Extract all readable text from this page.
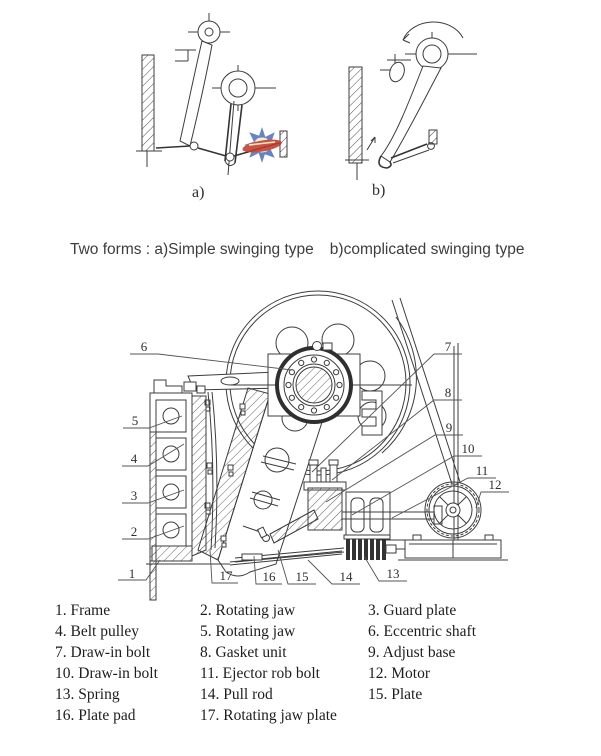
a)	b)
Two forms : a)Simple swinging type b)complicated swinging type
1
2
3
4
5
6	7
8
9
10
11
12
13
14
15
16
17
1. Frame	2. Rotating jaw	3. Guard plate
4. Belt pulley	5. Rotating jaw	6. Eccentric shaft
7. Draw-in bolt	8. Gasket unit	9. Adjust base
10. Draw-in bolt	11. Ejector rob bolt	12. Motor
13. Spring	14. Pull rod	15. Plate
16. Plate pad	17. Rotating jaw plate
